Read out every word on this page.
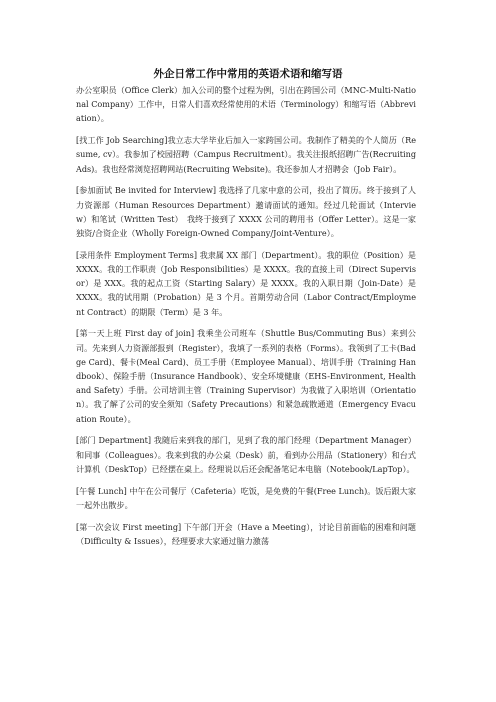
外企日常工作中常用的英语术语和缩写语

办公室职员（Office Clerk）加入公司的整个过程为例，引出在跨国公司（MNC-Multi-National Company）工作中，日常人们喜欢经常使用的术语（Terminology）和缩写语（Abbreviation）。

[找工作 Job Searching]我立志大学毕业后加入一家跨国公司。我制作了精美的个人简历（Resume, cv）。我参加了校园招聘（Campus Recruitment）。我关注报纸招聘广告(Recruiting Ads)。我也经常浏览招聘网站(Recruiting Website)。我还参加人才招聘会（Job Fair）。

[参加面试 Be invited for Interview] 我选择了几家中意的公司，投出了简历。终于接到了人力资源部（Human Resources Department）邀请面试的通知。经过几轮面试（Interview）和笔试（Written Test）　我终于接到了 XXXX 公司的聘用书（Offer Letter）。这是一家独资/合资企业（Wholly Foreign-Owned Company/Joint-Venture）。

[录用条件 Employment Terms] 我隶属 XX 部门（Department）。我的职位（Position）是 XXXX。我的工作职责（Job Responsibilities）是 XXXX。我的直接上司（Direct Supervisor）是 XXX。我的起点工资（Starting Salary）是 XXXX。我的入职日期（Join-Date）是 XXXX。我的试用期（Probation）是 3 个月。首期劳动合同（Labor Contract/Employment Contract）的期限（Term）是 3 年。

[第一天上班 First day of join] 我乘坐公司班车（Shuttle Bus/Commuting Bus）来到公司。先来到人力资源部报到（Register），我填了一系列的表格（Forms）。我领到了工卡(Badge Card)、餐卡(Meal Card)、员工手册（Employee Manual）、培训手册（Training Handbook）、保险手册（Insurance Handbook）、安全环境健康（EHS-Environment, Health and Safety）手册。公司培训主管（Training Supervisor）为我做了入职培训（Orientation）。我了解了公司的安全须知（Safety Precautions）和紧急疏散通道（Emergency Evacuation Route）。

[部门 Department] 我随后来到我的部门，见到了我的部门经理（Department Manager）和同事（Colleagues）。我来到我的办公桌（Desk）前，看到办公用品（Stationery）和台式计算机（DeskTop）已经摆在桌上。经理说以后还会配备笔记本电脑（Notebook/LapTop）。

[午餐 Lunch] 中午在公司餐厅（Cafeteria）吃饭，是免费的午餐(Free Lunch)。饭后跟大家一起外出散步。

[第一次会议 First meeting] 下午部门开会（Have a Meeting），讨论目前面临的困难和问题（Difficulty & Issues），经理要求大家通过脑力激荡
